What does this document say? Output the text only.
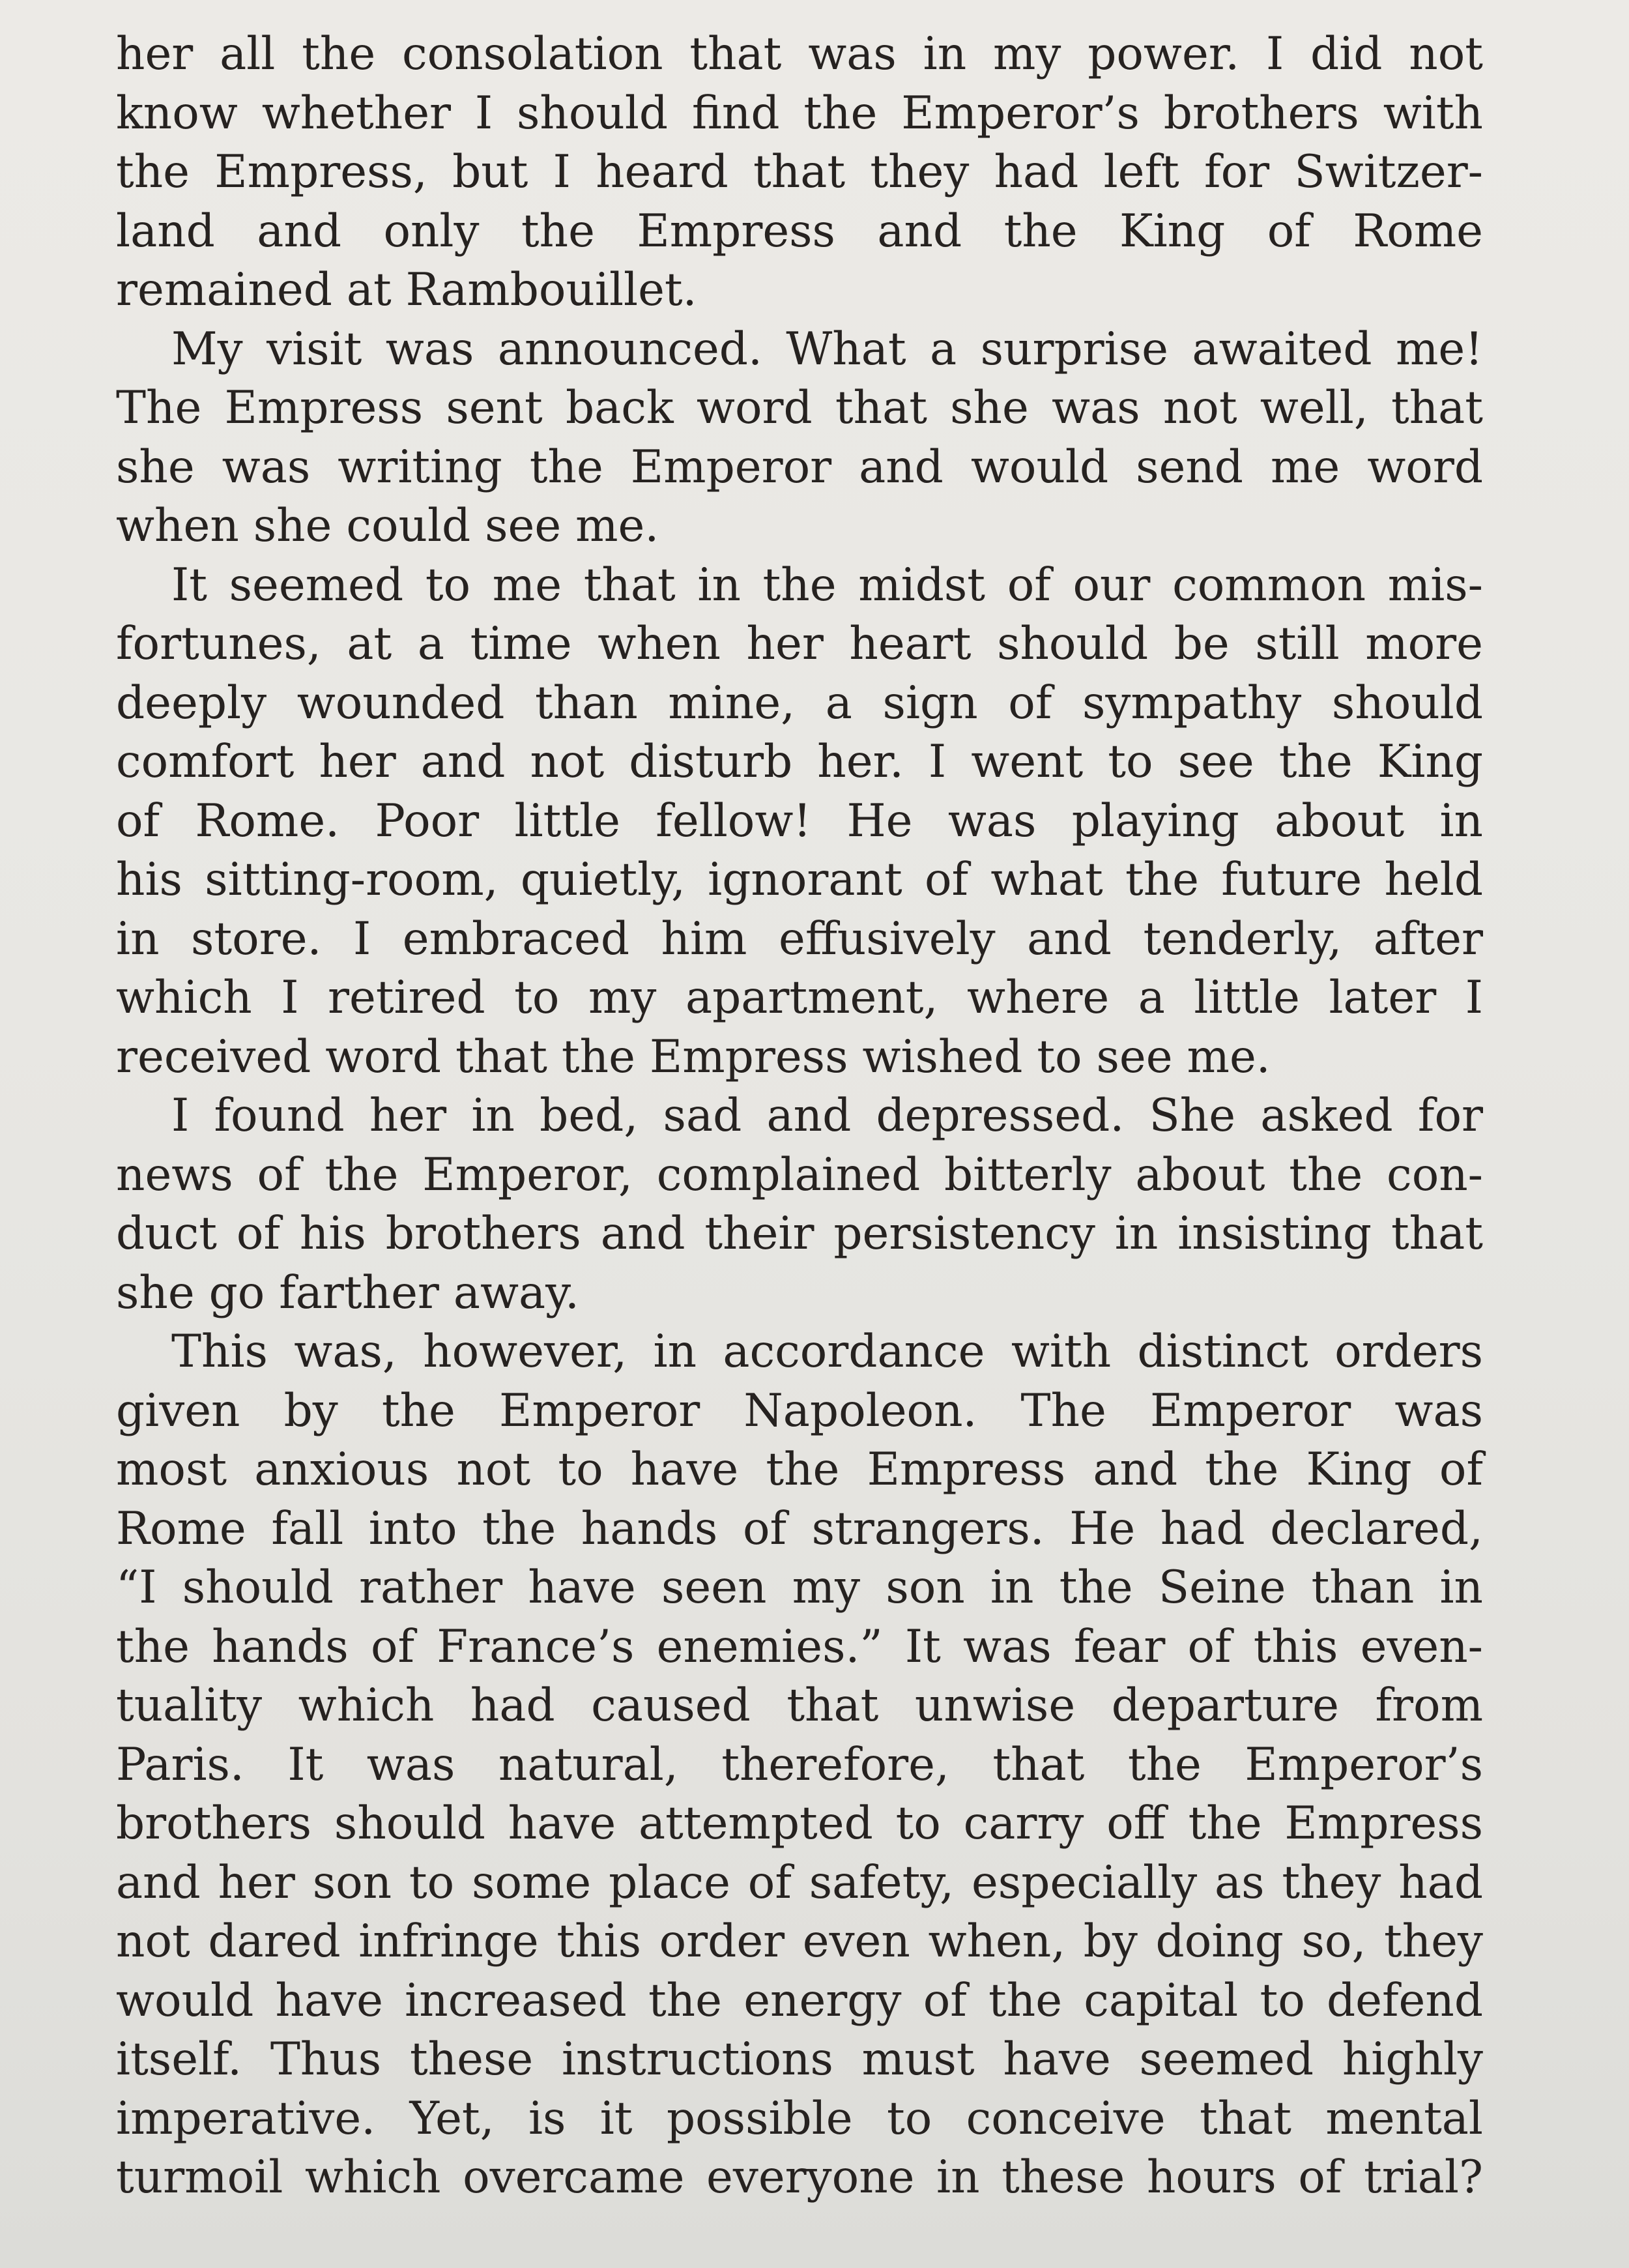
her all the consolation that was in my power. I did not
know whether I should find the Emperor’s brothers with
the Empress, but I heard that they had left for Switzer-
land and only the Empress and the King of Rome
remained at Rambouillet.
My visit was announced. What a surprise awaited me!
The Empress sent back word that she was not well, that
she was writing the Emperor and would send me word
when she could see me.
It seemed to me that in the midst of our common mis-
fortunes, at a time when her heart should be still more
deeply wounded than mine, a sign of sympathy should
comfort her and not disturb her. I went to see the King
of Rome. Poor little fellow! He was playing about in
his sitting-room, quietly, ignorant of what the future held
in store. I embraced him effusively and tenderly, after
which I retired to my apartment, where a little later I
received word that the Empress wished to see me.
I found her in bed, sad and depressed. She asked for
news of the Emperor, complained bitterly about the con-
duct of his brothers and their persistency in insisting that
she go farther away.
This was, however, in accordance with distinct orders
given by the Emperor Napoleon. The Emperor was
most anxious not to have the Empress and the King of
Rome fall into the hands of strangers. He had declared,
“I should rather have seen my son in the Seine than in
the hands of France’s enemies.” It was fear of this even-
tuality which had caused that unwise departure from
Paris. It was natural, therefore, that the Emperor’s
brothers should have attempted to carry off the Empress
and her son to some place of safety, especially as they had
not dared infringe this order even when, by doing so, they
would have increased the energy of the capital to defend
itself. Thus these instructions must have seemed highly
imperative. Yet, is it possible to conceive that mental
turmoil which overcame everyone in these hours of trial?
